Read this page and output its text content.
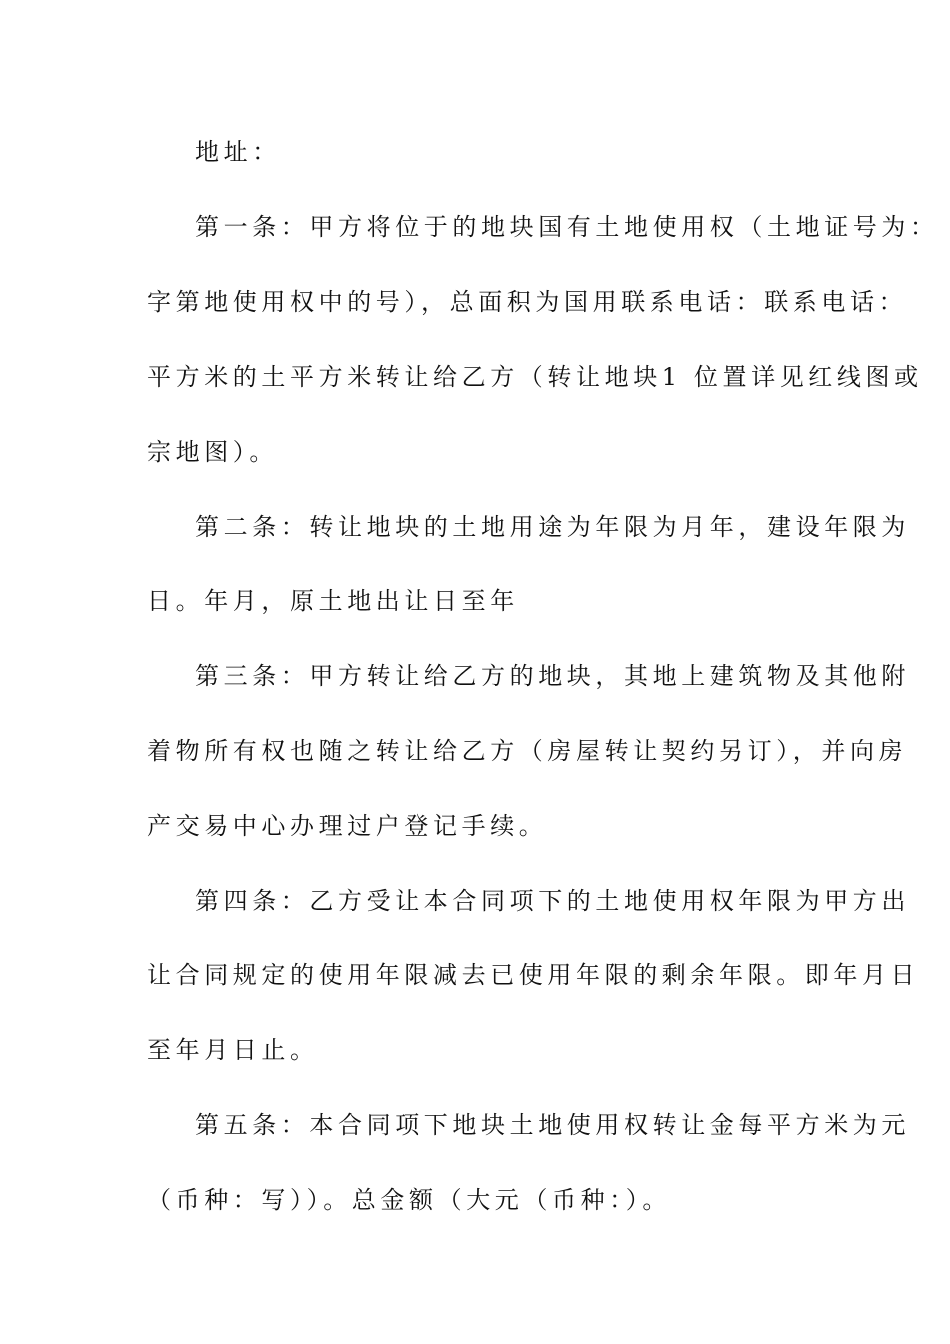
地址：

第一条：甲方将位于的地块国有土地使用权（土地证号为：

字第地使用权中的号），总面积为国用联系电话：联系电话：

平方米的土平方米转让给乙方（转让地块1 位置详见红线图或

宗地图）。

第二条：转让地块的土地用途为年限为月年，建设年限为

日。年月，原土地出让日至年

第三条：甲方转让给乙方的地块，其地上建筑物及其他附

着物所有权也随之转让给乙方（房屋转让契约另订），并向房

产交易中心办理过户登记手续。

第四条：乙方受让本合同项下的土地使用权年限为甲方出

让合同规定的使用年限减去已使用年限的剩余年限。即年月日

至年月日止。

第五条：本合同项下地块土地使用权转让金每平方米为元

（币种：写））。总金额（大元（币种：）。
